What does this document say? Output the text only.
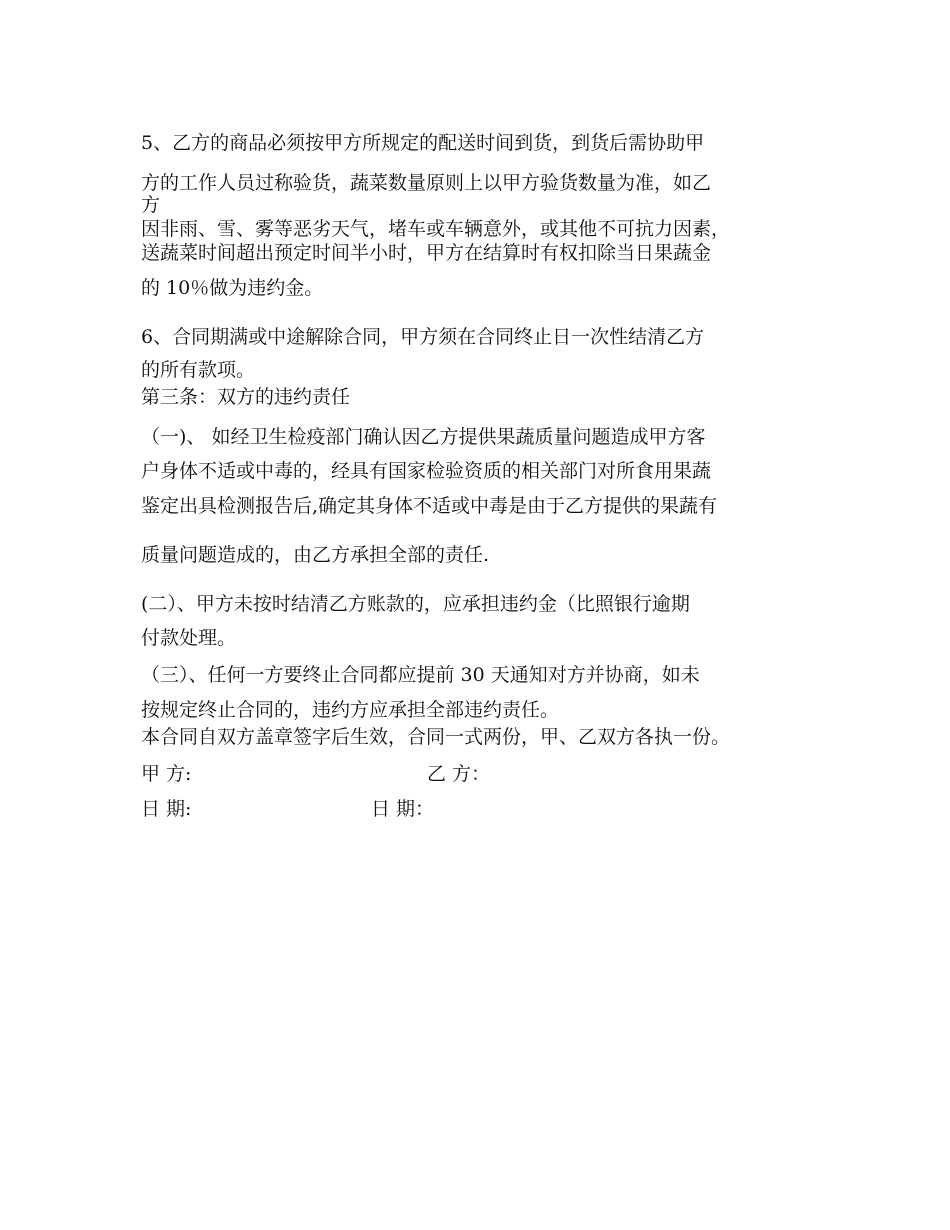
5、乙方的商品必须按甲方所规定的配送时间到货，到货后需协助甲
方的工作人员过称验货，蔬菜数量原则上以甲方验货数量为准，如乙
方
因非雨、雪、雾等恶劣天气，堵车或车辆意外，或其他不可抗力因素，
送蔬菜时间超出预定时间半小时，甲方在结算时有权扣除当日果蔬金
的 10％做为违约金。
6、合同期满或中途解除合同，甲方须在合同终止日一次性结清乙方
的所有款项。
第三条：双方的违约责任
（一)、 如经卫生检疫部门确认因乙方提供果蔬质量问题造成甲方客
户身体不适或中毒的，经具有国家检验资质的相关部门对所食用果蔬
鉴定出具检测报告后,确定其身体不适或中毒是由于乙方提供的果蔬有
质量问题造成的，由乙方承担全部的责任.
(二）、甲方未按时结清乙方账款的，应承担违约金（比照银行逾期
付款处理。
（三）、任何一方要终止合同都应提前 30 天通知对方并协商，如未
按规定终止合同的，违约方应承担全部违约责任。
本合同自双方盖章签字后生效，合同一式两份，甲、乙双方各执一份。
甲 方:	乙 方：
日 期:	日 期：
